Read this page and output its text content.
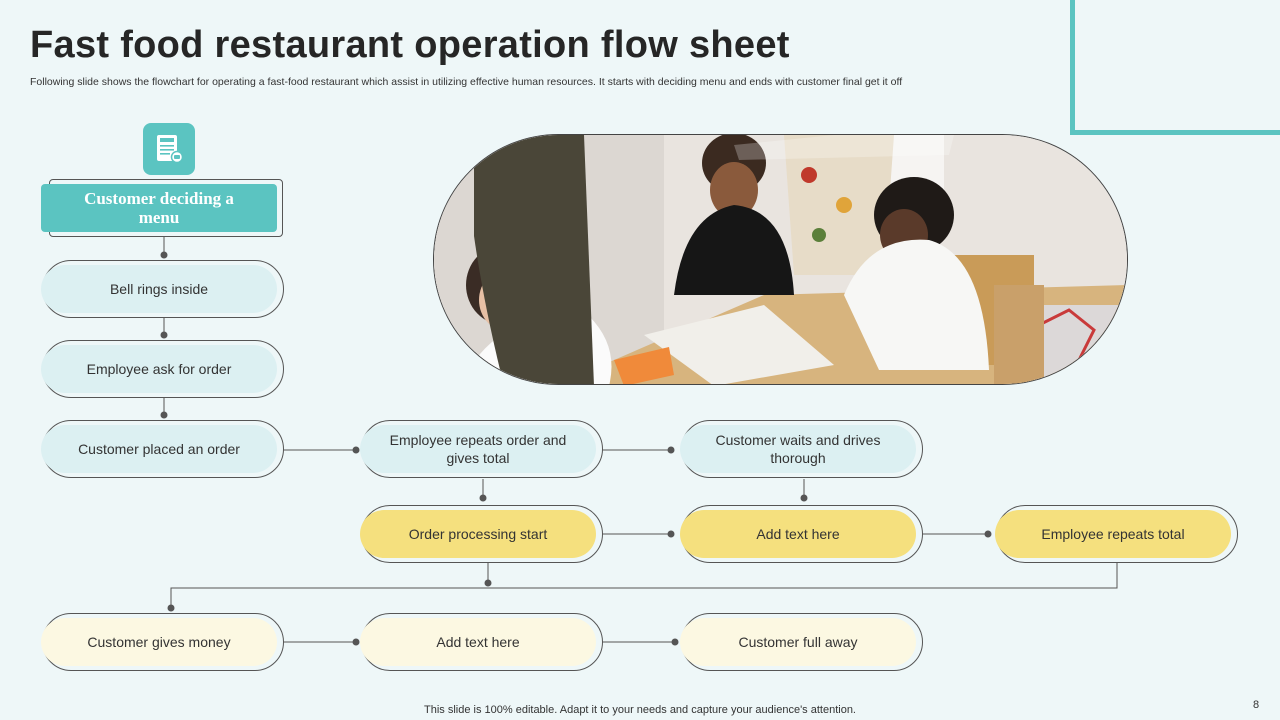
Fast food restaurant operation flow sheet
Following slide shows the flowchart for operating a fast-food restaurant which assist in utilizing effective human resources. It starts with deciding menu and ends with customer final get it off
Customer deciding a menu
Bell rings inside
Employee ask for order
Customer placed an order
Employee repeats order and gives total
Customer waits and drives thorough
Order processing start	Add text here	Employee repeats total
Customer gives money	Add text here	Customer full away
This slide is 100% editable. Adapt it to your needs and capture your audience's attention.	8
